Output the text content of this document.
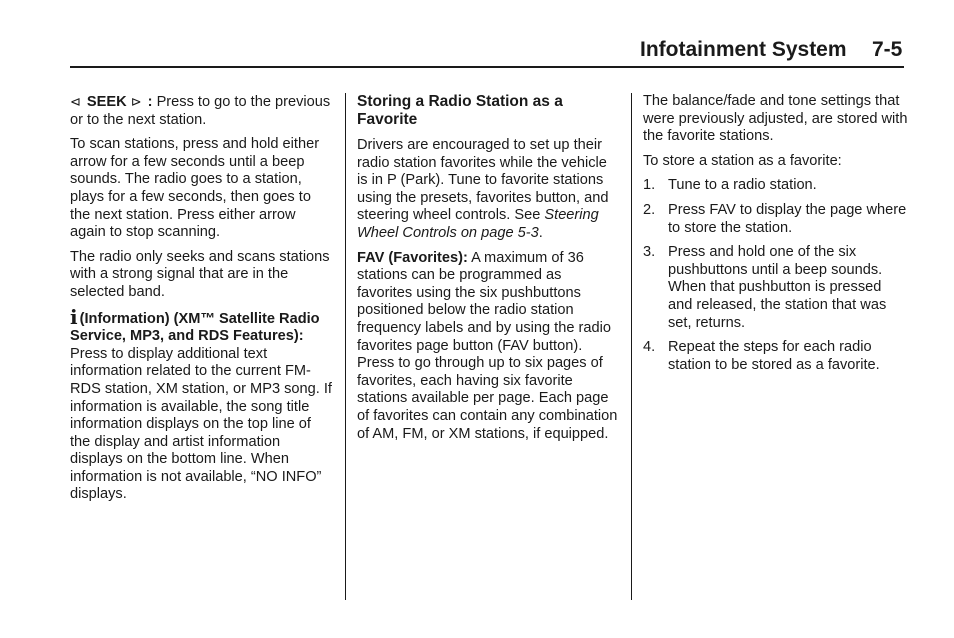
Infotainment System 7-5

⊲ SEEK ⊳ : Press to go to the previous or to the next station.

To scan stations, press and hold either arrow for a few seconds until a beep sounds. The radio goes to a station, plays for a few seconds, then goes to the next station. Press either arrow again to stop scanning.

The radio only seeks and scans stations with a strong signal that are in the selected band.

i (Information) (XM™ Satellite Radio Service, MP3, and RDS Features): Press to display additional text information related to the current FM-RDS station, XM station, or MP3 song. If information is available, the song title information displays on the top line of the display and artist information displays on the bottom line. When information is not available, “NO INFO” displays.

Storing a Radio Station as a Favorite

Drivers are encouraged to set up their radio station favorites while the vehicle is in P (Park). Tune to favorite stations using the presets, favorites button, and steering wheel controls. See Steering Wheel Controls on page 5‑3.

FAV (Favorites): A maximum of 36 stations can be programmed as favorites using the six pushbuttons positioned below the radio station frequency labels and by using the radio favorites page button (FAV button). Press to go through up to six pages of favorites, each having six favorite stations available per page. Each page of favorites can contain any combination of AM, FM, or XM stations, if equipped.

The balance/fade and tone settings that were previously adjusted, are stored with the favorite stations.

To store a station as a favorite:

1. Tune to a radio station.
2. Press FAV to display the page where to store the station.
3. Press and hold one of the six pushbuttons until a beep sounds. When that pushbutton is pressed and released, the station that was set, returns.
4. Repeat the steps for each radio station to be stored as a favorite.
